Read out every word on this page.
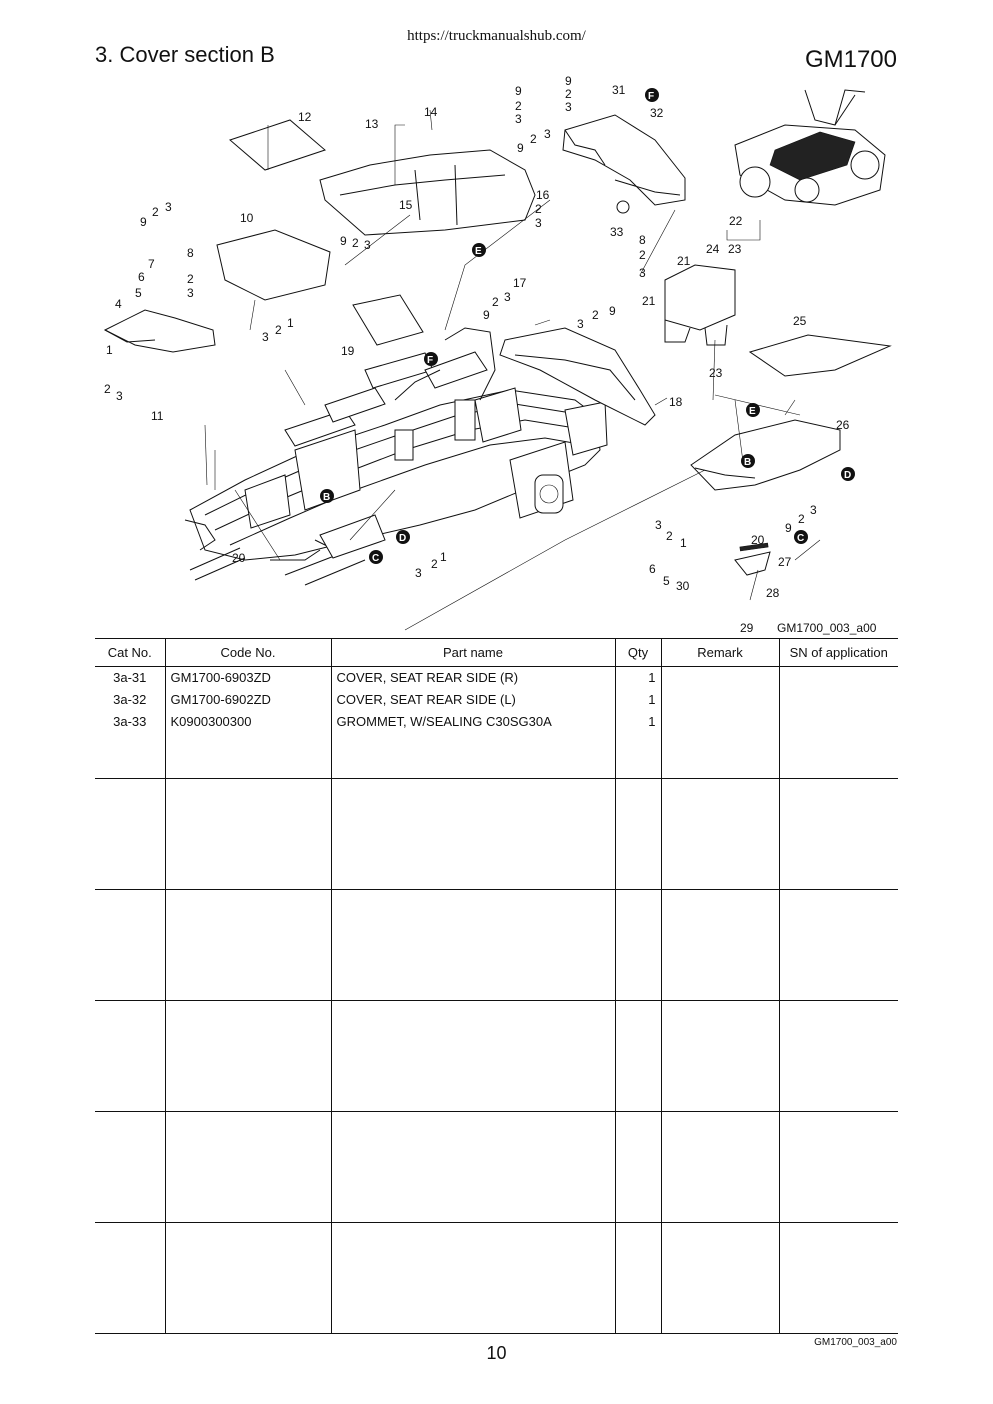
https://truckmanualshub.com/
3. Cover section B	GM1700
12	13
14
15
16
17
18
19
20
20
21
21
22
23
23
24
25
26
27
28
29
30
31
32
33
10
11
4
7
6
5
8
2
3
9
2 3
1
2 3
1
2
3
9 2 3
9
2
3
9
2 3
9
2
3
2
3
9
2 3
3
2 9
8
2
3
3
2 1
6
5
3
2
9
1
2
3
GM1700_003_a00
F
E
F
B
D
C
E
B
D
C
Cat No.	Code No.	Part name	Qty	Remark	SN of application
3a-31	GM1700-6903ZD	COVER, SEAT REAR SIDE (R)	1		
3a-32	GM1700-6902ZD	COVER, SEAT REAR SIDE (L)	1		
3a-33	K0900300300	GROMMET, W/SEALING C30SG30A	1		

10
GM1700_003_a00
